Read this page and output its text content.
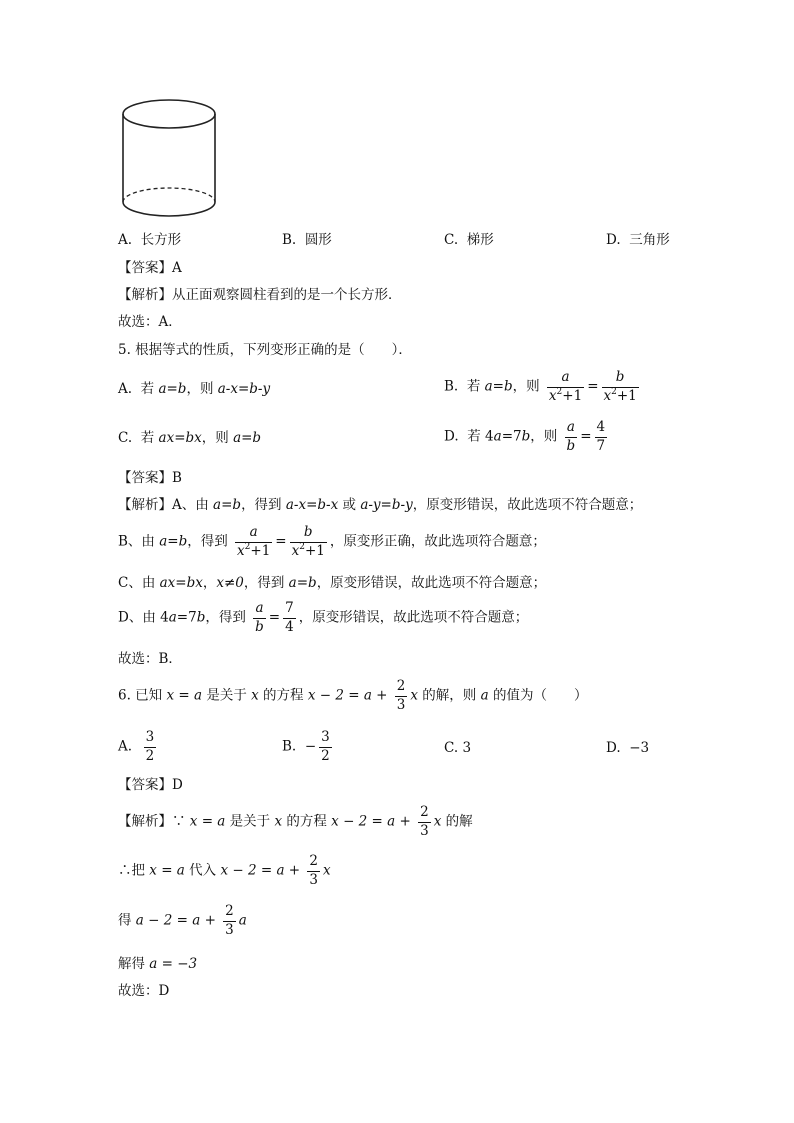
A. 长方形	B. 圆形	C. 梯形	D. 三角形
【答案】A
【解析】从正面观察圆柱看到的是一个长方形．
故选：A．
5. 根据等式的性质，下列变形正确的是（　　）．
A. 若 a=b，则 a-x=b-y	B. 若 a=b，则 $\frac{a}{x^2+1} = \frac{b}{x^2+1}$
C. 若 ax=bx，则 a=b	D. 若 4a=7b，则 $\frac{a}{b} = \frac{4}{7}$
【答案】B
【解析】A、由 a=b，得到 a-x=b-x 或 a-y=b-y，原变形错误，故此选项不符合题意；
B、由 a=b，得到 $\frac{a}{x^2+1} = \frac{b}{x^2+1}$ ，原变形正确，故此选项符合题意；
C、由 ax=bx，x≠0，得到 a=b，原变形错误，故此选项不符合题意；
D、由 4a=7b，得到 $\frac{a}{b} = \frac{7}{4}$ ，原变形错误，故此选项不符合题意；
故选：B．
6. 已知 x = a 是关于 x 的方程 $x - 2 = a + \frac{2}{3}$ x 的解，则 a 的值为（　　）
A. $\frac{3}{2}$	B. − $\frac{3}{2}$	C. 3	D. −3
【答案】D
【解析】∵ x = a 是关于 x 的方程 $x - 2 = a + \frac{2}{3}$ x 的解
∴把 x = a 代入 $x - 2 = a + \frac{2}{3}$ x
得 $a - 2 = a + \frac{2}{3}$ a
解得 a = −3
故选：D
